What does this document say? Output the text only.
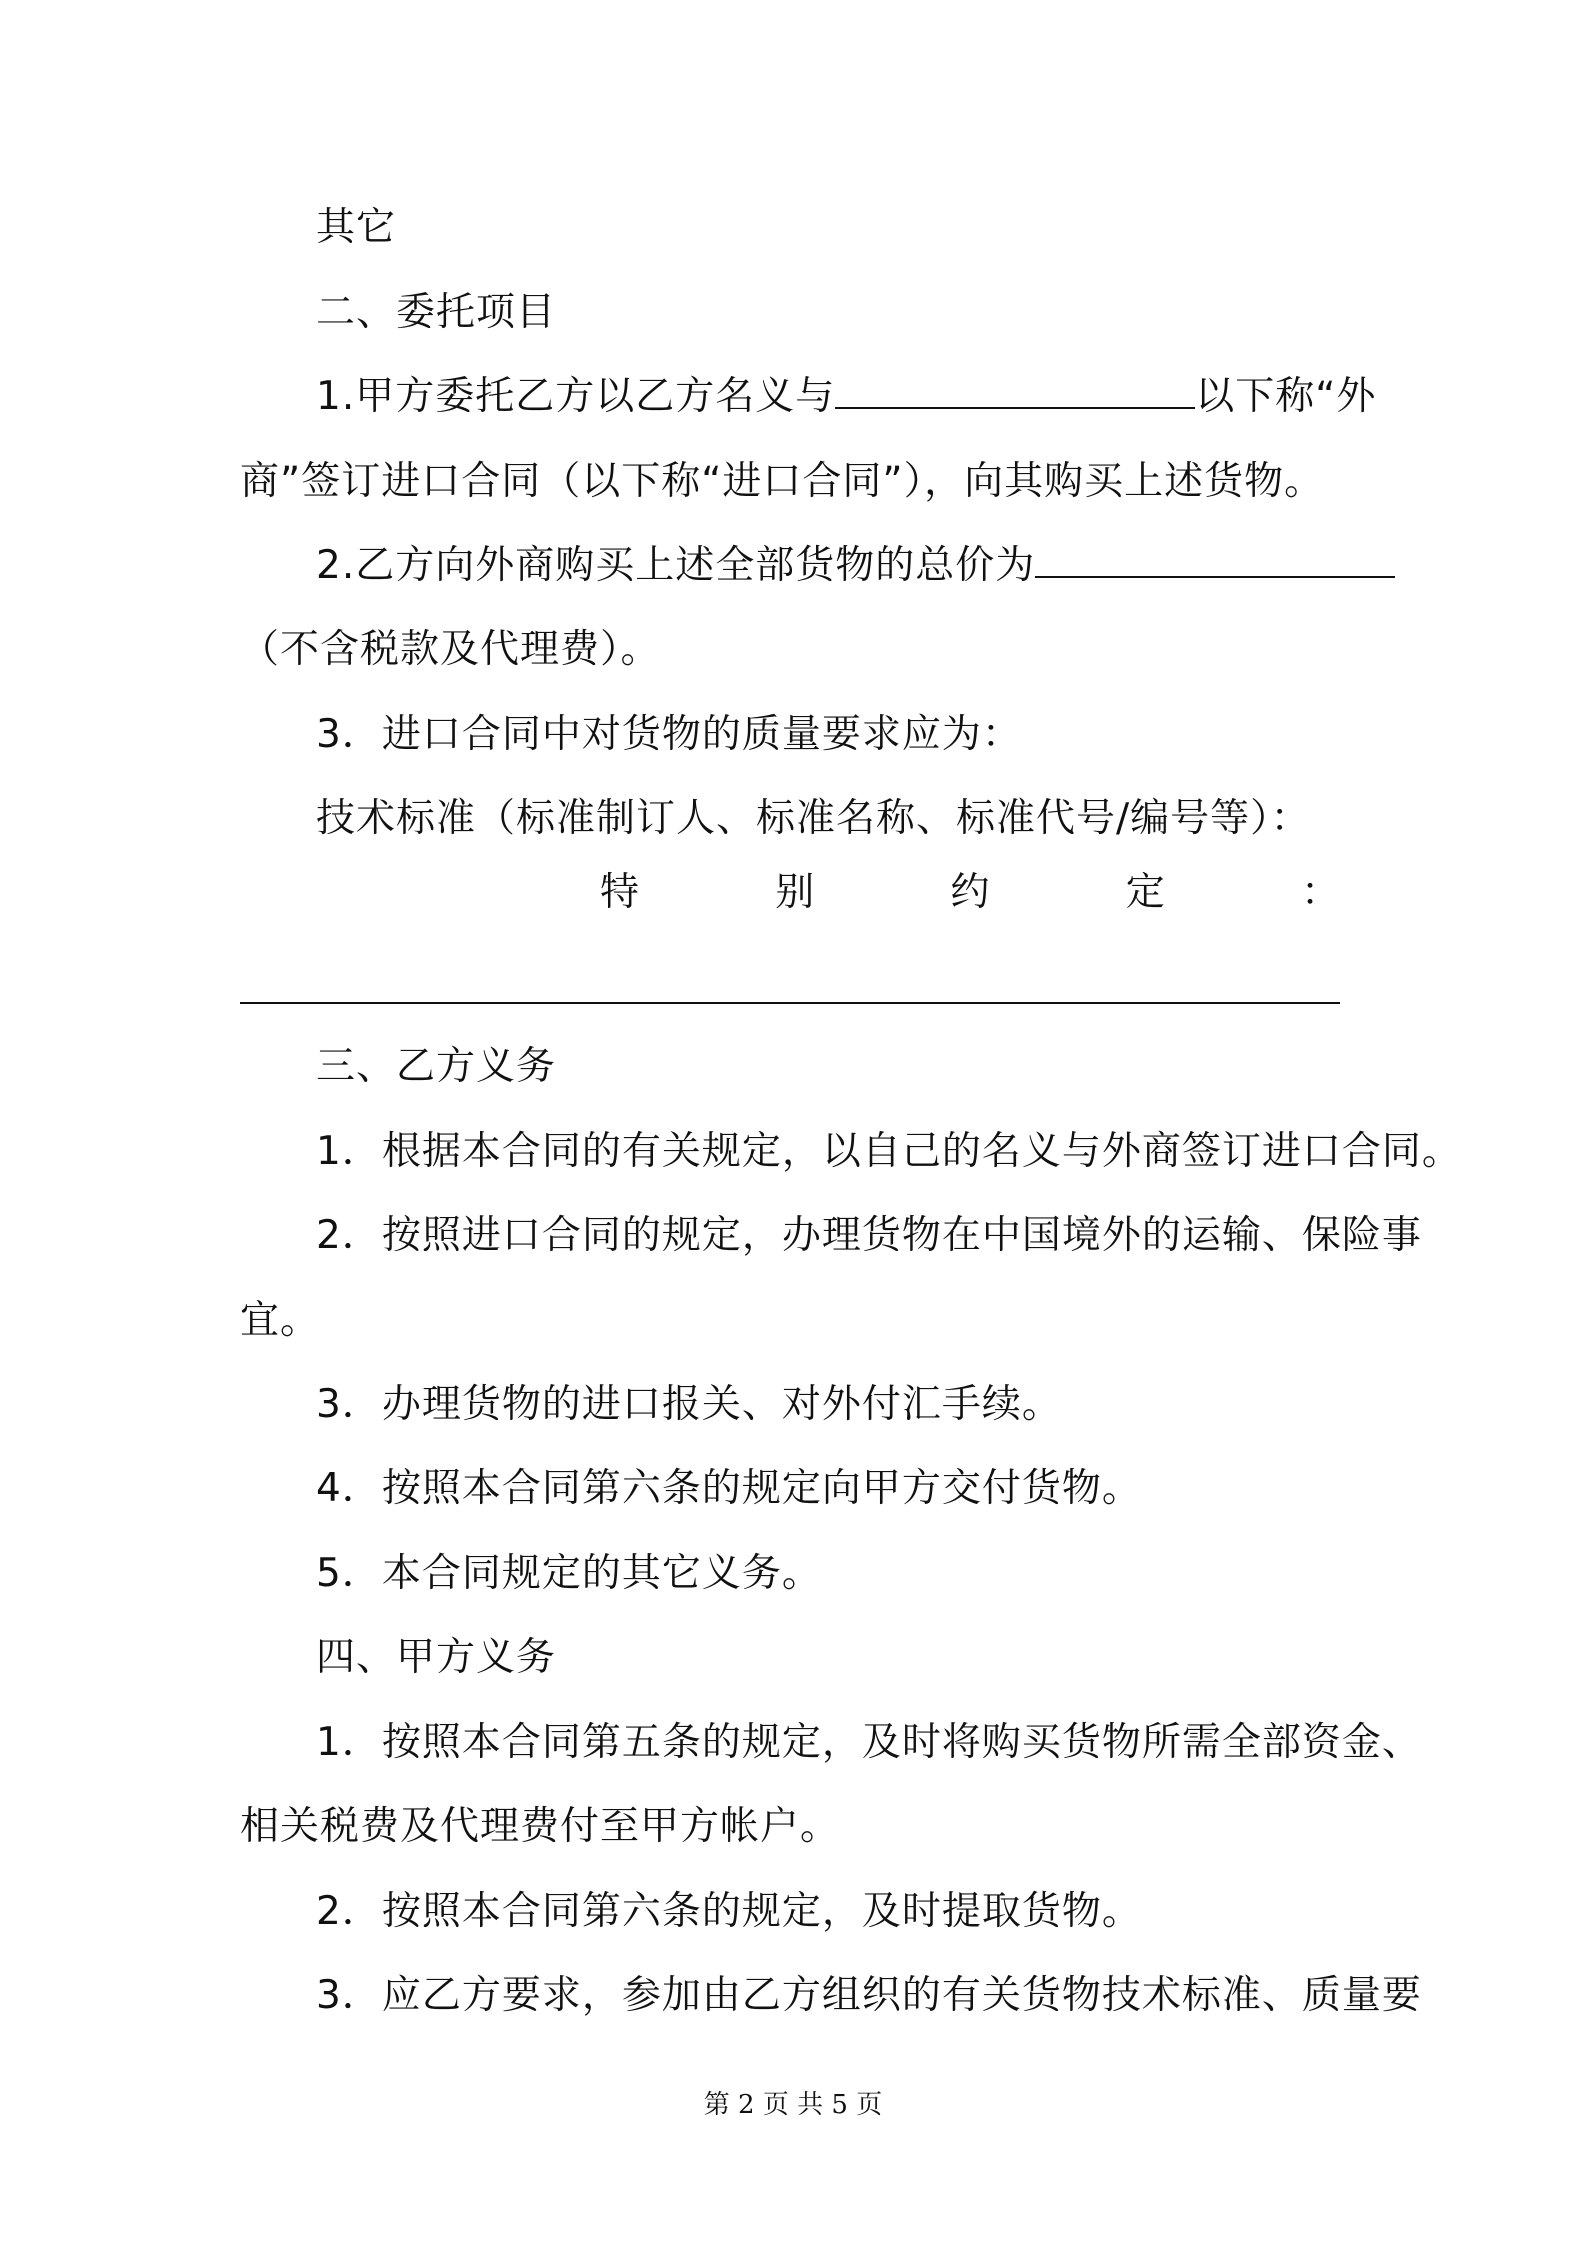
其它
二、委托项目
1.甲方委托乙方以乙方名义与	以下称“外
商”签订进口合同（以下称“进口合同”），向其购买上述货物。
2.乙方向外商购买上述全部货物的总价为
（不含税款及代理费）。
3．进口合同中对货物的质量要求应为：
技术标准（标准制订人、标准名称、标准代号/编号等）：
特	别	约	定	：
三、乙方义务
1．根据本合同的有关规定，以自己的名义与外商签订进口合同。
2．按照进口合同的规定，办理货物在中国境外的运输、保险事
宜。
3．办理货物的进口报关、对外付汇手续。
4．按照本合同第六条的规定向甲方交付货物。
5．本合同规定的其它义务。
四、甲方义务
1．按照本合同第五条的规定，及时将购买货物所需全部资金、
相关税费及代理费付至甲方帐户。
2．按照本合同第六条的规定，及时提取货物。
3．应乙方要求，参加由乙方组织的有关货物技术标准、质量要
第 2 页 共 5 页
